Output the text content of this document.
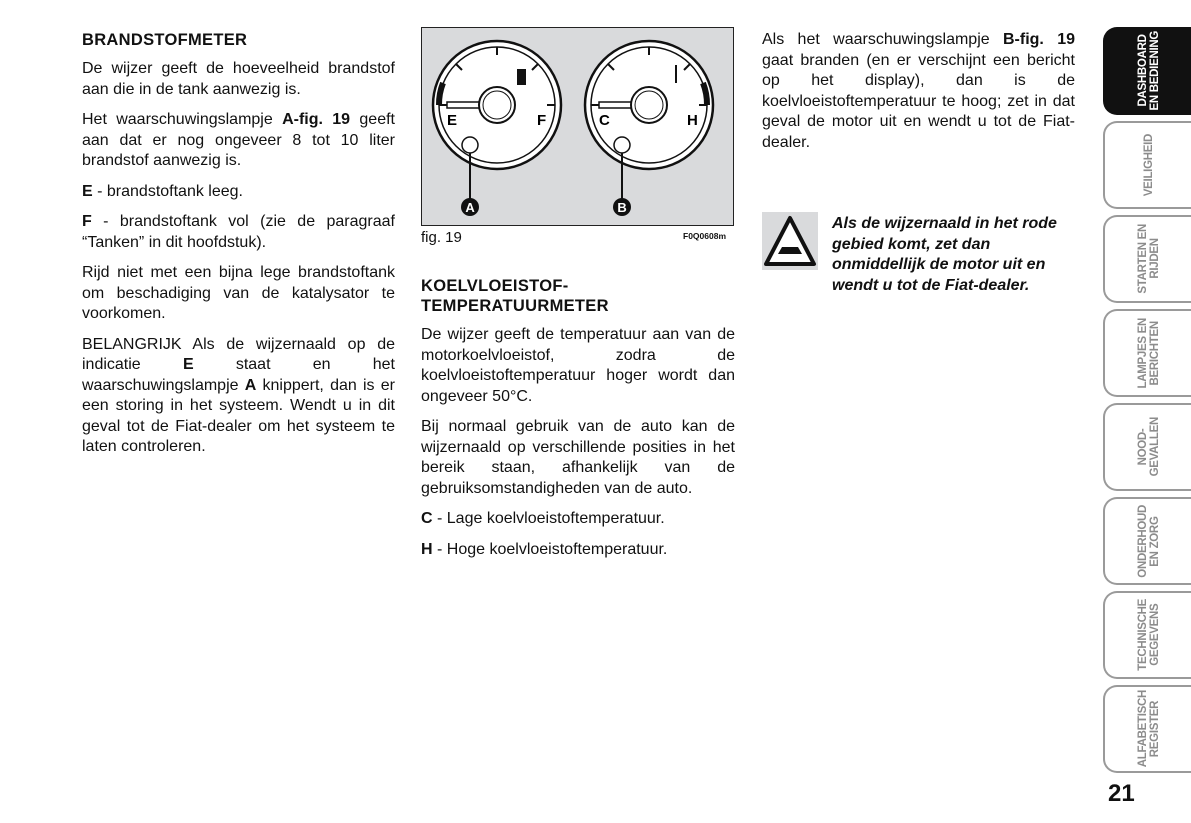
BRANDSTOFMETER

De wijzer geeft de hoeveelheid brandstof aan die in de tank aanwezig is.

Het waarschuwingslampje A-fig. 19 geeft aan dat er nog ongeveer 8 tot 10 liter brandstof aanwezig is.

E - brandstoftank leeg.

F - brandstoftank vol (zie de paragraaf “Tanken” in dit hoofdstuk).

Rijd niet met een bijna lege brandstoftank om beschadiging van de katalysator te voorkomen.

BELANGRIJK Als de wijzernaald op de indicatie E staat en het waarschuwingslampje A knippert, dan is er een storing in het systeem. Wendt u in dit geval tot de Fiat-dealer om het systeem te laten controleren.

E	F
A
C	H
B
fig. 19	F0Q0608m
KOELVLOEISTOF-
TEMPERATUURMETER

De wijzer geeft de temperatuur aan van de motorkoelvloeistof, zodra de koelvloeistoftemperatuur hoger wordt dan ongeveer 50°C.

Bij normaal gebruik van de auto kan de wijzernaald op verschillende posities in het bereik staan, afhankelijk van de gebruiksomstandigheden van de auto.

C - Lage koelvloeistoftemperatuur.

H - Hoge koelvloeistoftemperatuur.

Als het waarschuwingslampje B-fig. 19 gaat branden (en er verschijnt een bericht op het display), dan is de koelvloeistoftemperatuur te hoog; zet in dat geval de motor uit en wendt u tot de Fiat-dealer.

Als de wijzernaald in het rode gebied komt, zet dan onmiddellijk de motor uit en wendt u tot de Fiat-dealer.
DASHBOARD
EN BEDIENING
VEILIGHEID
STARTEN EN
RIJDEN
LAMPJES EN
BERICHTEN
NOOD-
GEVALLEN
ONDERHOUD
EN ZORG
TECHNISCHE
GEGEVENS
ALFABETISCH
REGISTER
21
